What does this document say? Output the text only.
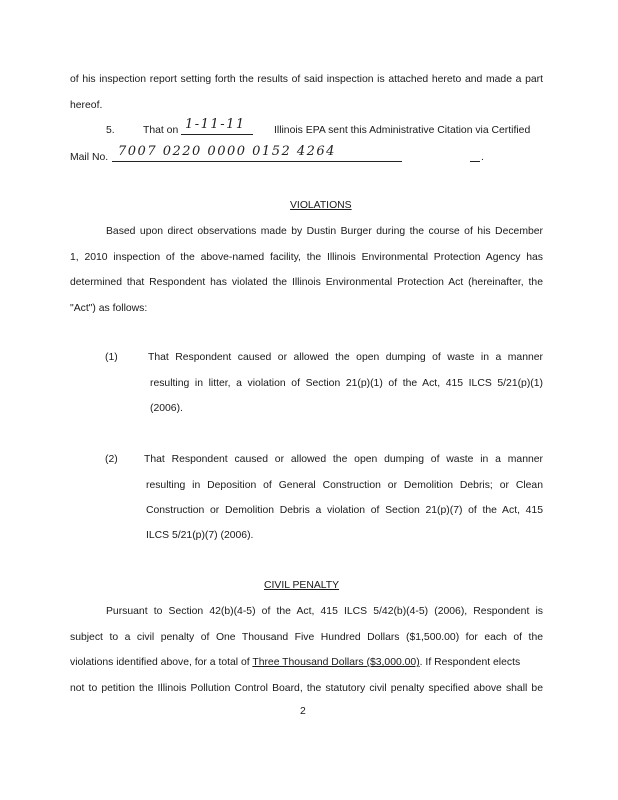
of his inspection report setting forth the results of said inspection is attached hereto and made a part
hereof.
5.	That on 1-11-11	Illinois EPA sent this Administrative Citation via Certified
Mail No. 7007 0220 0000 0152 4264	.
VIOLATIONS
Based upon direct observations made by Dustin Burger during the course of his December
1, 2010 inspection of the above-named facility, the Illinois Environmental Protection Agency has
determined that Respondent has violated the Illinois Environmental Protection Act (hereinafter, the
"Act") as follows:
(1)	That Respondent caused or allowed the open dumping of waste in a manner
resulting in litter, a violation of Section 21(p)(1) of the Act, 415 ILCS 5/21(p)(1)
(2006).
(2)	That Respondent caused or allowed the open dumping of waste in a manner
resulting in Deposition of General Construction or Demolition Debris; or Clean
Construction or Demolition Debris a violation of Section 21(p)(7) of the Act, 415
ILCS 5/21(p)(7) (2006).
CIVIL PENALTY
Pursuant to Section 42(b)(4-5) of the Act, 415 ILCS 5/42(b)(4-5) (2006), Respondent is
subject to a civil penalty of One Thousand Five Hundred Dollars ($1,500.00) for each of the
violations identified above, for a total of Three Thousand Dollars ($3,000.00). If Respondent elects
not to petition the Illinois Pollution Control Board, the statutory civil penalty specified above shall be
2
